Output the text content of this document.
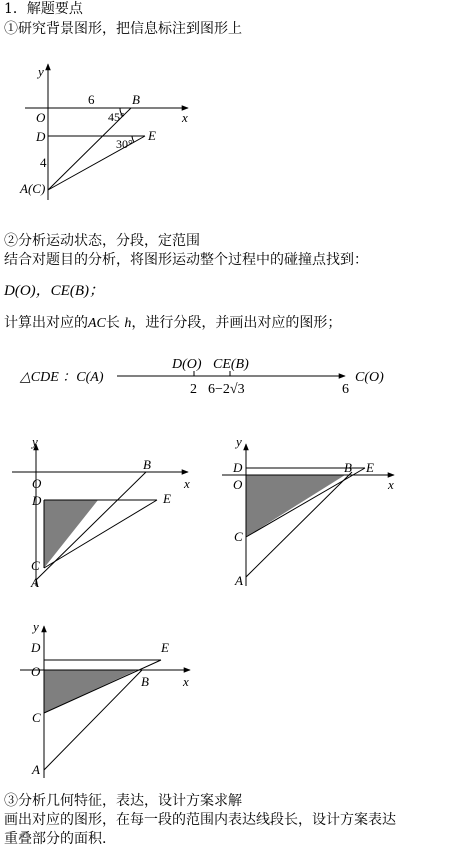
1．解题要点
①研究背景图形，把信息标注到图形上
②分析运动状态，分段，定范围
结合对题目的分析，将图形运动整个过程中的碰撞点找到：
D(O)，CE(B)；
计算出对应的AC长 h，进行分段，并画出对应的图形；
③分析几何特征，表达，设计方案求解
画出对应的图形，在每一段的范围内表达线段长，设计方案表达
重叠部分的面积.
y
x
O
B
D	E
A(C)
6
4
45°
30°
△CDE ：C(A)
D(O) CE(B)
2 6−2√3
C(O)
6
y
x
O
B
D	E
C
A
y
x
D
O
B E
C
A
y
x
D
O
B
E
C
A
